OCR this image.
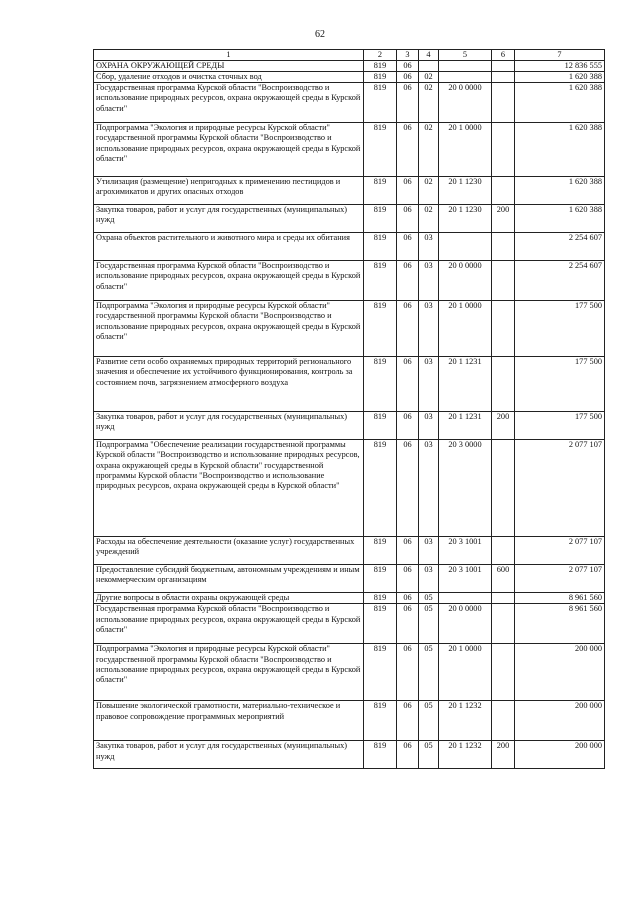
62
1	2	3	4	5	6	7
ОХРАНА ОКРУЖАЮЩЕЙ СРЕДЫ	819	06				12 836 555
Сбор, удаление отходов и очистка сточных вод	819	06	02			1 620 388
Государственная программа Курской области "Воспроизводство и использование природных ресурсов, охрана окружающей среды в Курской области"	819	06	02	20 0 0000		1 620 388
Подпрограмма "Экология и природные ресурсы Курской области" государственной программы Курской области "Воспроизводство и использование природных ресурсов, охрана окружающей среды в Курской области"	819	06	02	20 1 0000		1 620 388
Утилизация (размещение) непригодных к применению пестицидов и агрохимикатов и других опасных отходов	819	06	02	20 1 1230		1 620 388
Закупка товаров, работ и услуг для государственных (муниципальных) нужд	819	06	02	20 1 1230	200	1 620 388
Охрана объектов растительного и животного мира и среды их обитания	819	06	03			2 254 607
Государственная программа Курской области "Воспроизводство и использование природных ресурсов, охрана окружающей среды в Курской области"	819	06	03	20 0 0000		2 254 607
Подпрограмма "Экология и природные ресурсы Курской области" государственной программы Курской области "Воспроизводство и использование природных ресурсов, охрана окружающей среды в Курской области"	819	06	03	20 1 0000		177 500
Развитие сети особо охраняемых природных территорий регионального значения и обеспечение их устойчивого функционирования, контроль за состоянием почв, загрязнением атмосферного воздуха	819	06	03	20 1 1231		177 500
Закупка товаров, работ и услуг для государственных (муниципальных) нужд	819	06	03	20 1 1231	200	177 500
Подпрограмма "Обеспечение реализации государственной программы Курской области "Воспроизводство и использование природных ресурсов, охрана окружающей среды в Курской области" государственной программы Курской области "Воспроизводство и использование природных ресурсов, охрана окружающей среды в Курской области"	819	06	03	20 3 0000		2 077 107
Расходы на обеспечение деятельности (оказание услуг) государственных учреждений	819	06	03	20 3 1001		2 077 107
Предоставление субсидий бюджетным, автономным учреждениям и иным некоммерческим организациям	819	06	03	20 3 1001	600	2 077 107
Другие вопросы в области охраны окружающей среды	819	06	05			8 961 560
Государственная программа Курской области "Воспроизводство и использование природных ресурсов, охрана окружающей среды в Курской области"	819	06	05	20 0 0000		8 961 560
Подпрограмма "Экология и природные ресурсы Курской области" государственной программы Курской области "Воспроизводство и использование природных ресурсов, охрана окружающей среды в Курской области"	819	06	05	20 1 0000		200 000
Повышение экологической грамотности, материально-техническое и правовое сопровождение программных мероприятий	819	06	05	20 1 1232		200 000
Закупка товаров, работ и услуг для государственных (муниципальных) нужд	819	06	05	20 1 1232	200	200 000
